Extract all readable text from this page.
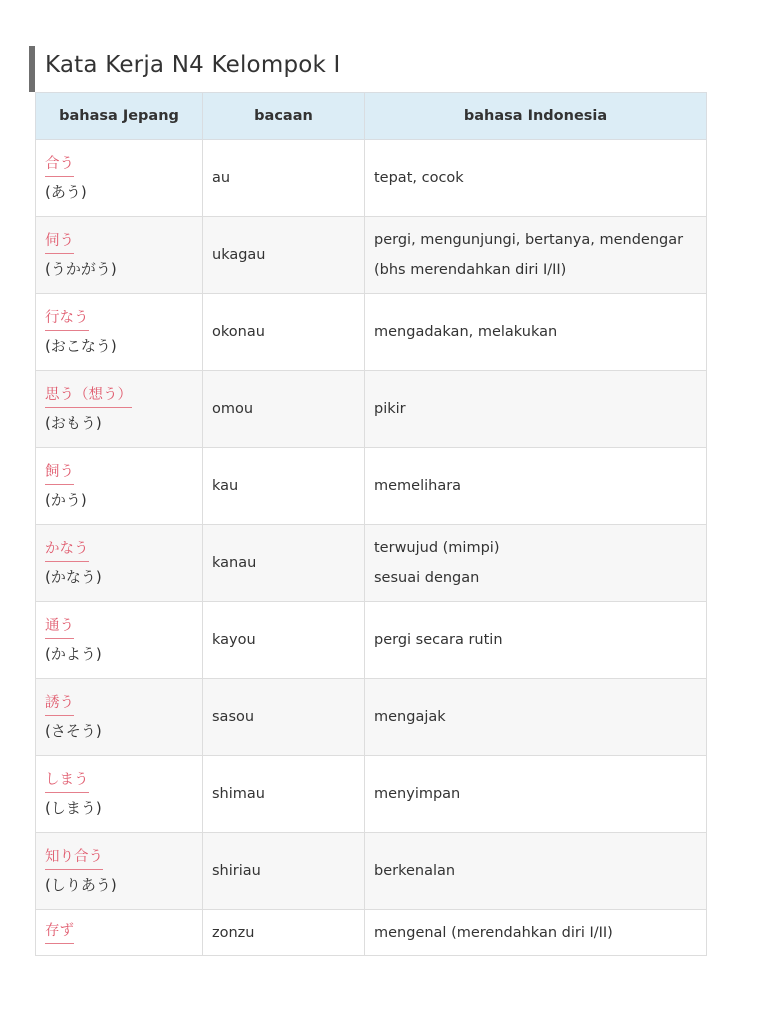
Kata Kerja N4 Kelompok I
bahasa Jepang	bacaan	bahasa Indonesia
合う
(あう)	au	tepat, cocok

伺う
(うかがう)	ukagau	pergi, mengunjungi, bertanya, mendengar
(bhs merendahkan diri I/II)

行なう
(おこなう)	okonau	mengadakan, melakukan

思う（想う）
(おもう)	omou	pikir

飼う
(かう)	kau	memelihara

かなう
(かなう)	kanau	terwujud (mimpi)
sesuai dengan

通う
(かよう)	kayou	pergi secara rutin

誘う
(さそう)	sasou	mengajak

しまう
(しまう)	shimau	menyimpan

知り合う
(しりあう)	shiriau	berkenalan

存ず	zonzu	mengenal (merendahkan diri I/II)
